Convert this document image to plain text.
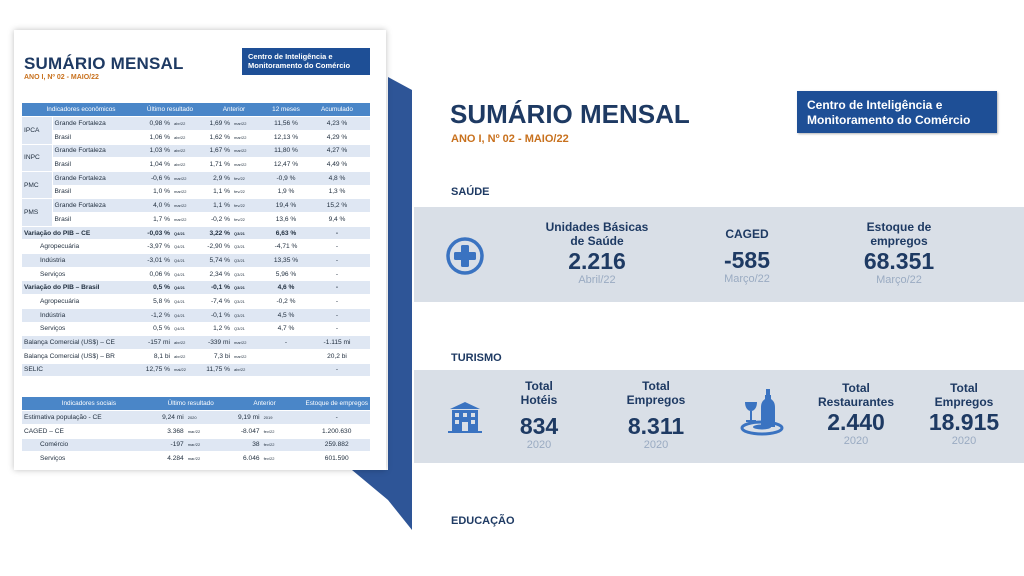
SUMÁRIO MENSAL
ANO I, Nº 02 - MAIO/22
Centro de Inteligência e
Monitoramento do Comércio
Indicadores econômicos		Último resultado		Anterior		12 meses	Acumulado
IPCA	Grande Fortaleza	0,98 %	abr/22	1,69 %	mar/22	11,56 %	4,23 %
	Brasil	1,06 %	abr/22	1,62 %	mar/22	12,13 %	4,29 %
INPC	Grande Fortaleza	1,03 %	abr/22	1,67 %	mar/22	11,80 %	4,27 %
	Brasil	1,04 %	abr/22	1,71 %	mar/22	12,47 %	4,49 %
PMC	Grande Fortaleza	-0,6 %	mar/22	2,9 %	fev/22	-0,9 %	4,8 %
	Brasil	1,0 %	mar/22	1,1 %	fev/22	1,9 %	1,3 %
PMS	Grande Fortaleza	4,0 %	mar/22	1,1 %	fev/22	19,4 %	15,2 %
	Brasil	1,7 %	mar/22	-0,2 %	fev/22	13,6 %	9,4 %
Variação do PIB – CE		-0,03 %	Q4/21	3,22 %	Q3/21	6,63 %	-
Agropecuária		-3,97 %	Q4/21	-2,90 %	Q3/21	-4,71 %	-
Indústria		-3,01 %	Q4/21	5,74 %	Q3/21	13,35 %	-
Serviços		0,06 %	Q4/21	2,34 %	Q3/21	5,96 %	-
Variação do PIB – Brasil		0,5 %	Q4/21	-0,1 %	Q3/21	4,6 %	-
Agropecuária		5,8 %	Q4/21	-7,4 %	Q3/21	-0,2 %	-
Indústria		-1,2 %	Q4/21	-0,1 %	Q3/21	4,5 %	-
Serviços		0,5 %	Q4/21	1,2 %	Q3/21	4,7 %	-
Balança Comercial (US$) – CE		-157 mi	abr/22	-339 mi	mar/22	-	-1.115 mi
Balança Comercial (US$) – BR		8,1 bi	abr/22	7,3 bi	mar/22		20,2 bi
SELIC		12,75 %	mai/22	11,75 %	abr/22		-
Indicadores sociais	Último resultado		Anterior		Estoque de empregos
Estimativa população - CE	9,24 mi	2020	9,19 mi	2019	-
CAGED – CE	3.368	mar/22	-8.047	fev/22	1.200.630
Comércio	-197	mar/22	38	fev/22	259.882
Serviços	4.284	mar/22	6.046	fev/22	601.590
SUMÁRIO MENSAL
ANO I, Nº 02 - MAIO/22
Centro de Inteligência e
Monitoramento do Comércio
SAÚDE
Unidades Básicas
de Saúde
2.216
Abril/22
CAGED
-585
Março/22
Estoque de
empregos
68.351
Março/22
TURISMO
Total
Hotéis
834
2020
Total
Empregos
8.311
2020
Total
Restaurantes
2.440
2020
Total
Empregos
18.915
2020
EDUCAÇÃO
